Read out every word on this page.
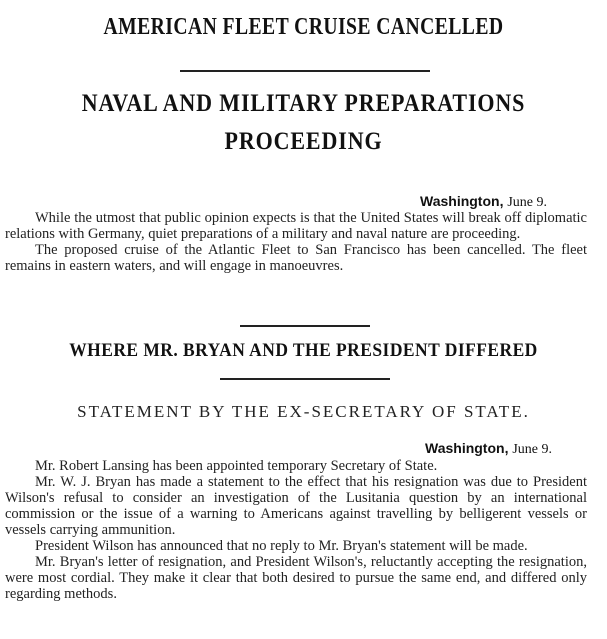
AMERICAN FLEET CRUISE CANCELLED
NAVAL AND MILITARY PREPARATIONS
PROCEEDING
Washington, June 9.

While the utmost that public opinion expects is that the United States will break off diplomatic relations with Germany, quiet preparations of a military and naval nature are proceeding.

The proposed cruise of the Atlantic Fleet to San Francisco has been cancelled. The fleet remains in eastern waters, and will engage in manoeuvres.

WHERE MR. BRYAN AND THE PRESIDENT DIFFERED
STATEMENT BY THE EX-SECRETARY OF STATE.
Washington, June 9.

Mr. Robert Lansing has been appointed temporary Secretary of State.

Mr. W. J. Bryan has made a statement to the effect that his resignation was due to President Wilson's refusal to consider an investigation of the Lusitania question by an international commission or the issue of a warning to Americans against travelling by belligerent vessels or vessels carrying ammunition.

President Wilson has announced that no reply to Mr. Bryan's statement will be made.

Mr. Bryan's letter of resignation, and President Wilson's, reluctantly accepting the resignation, were most cordial. They make it clear that both desired to pursue the same end, and differed only regarding methods.
